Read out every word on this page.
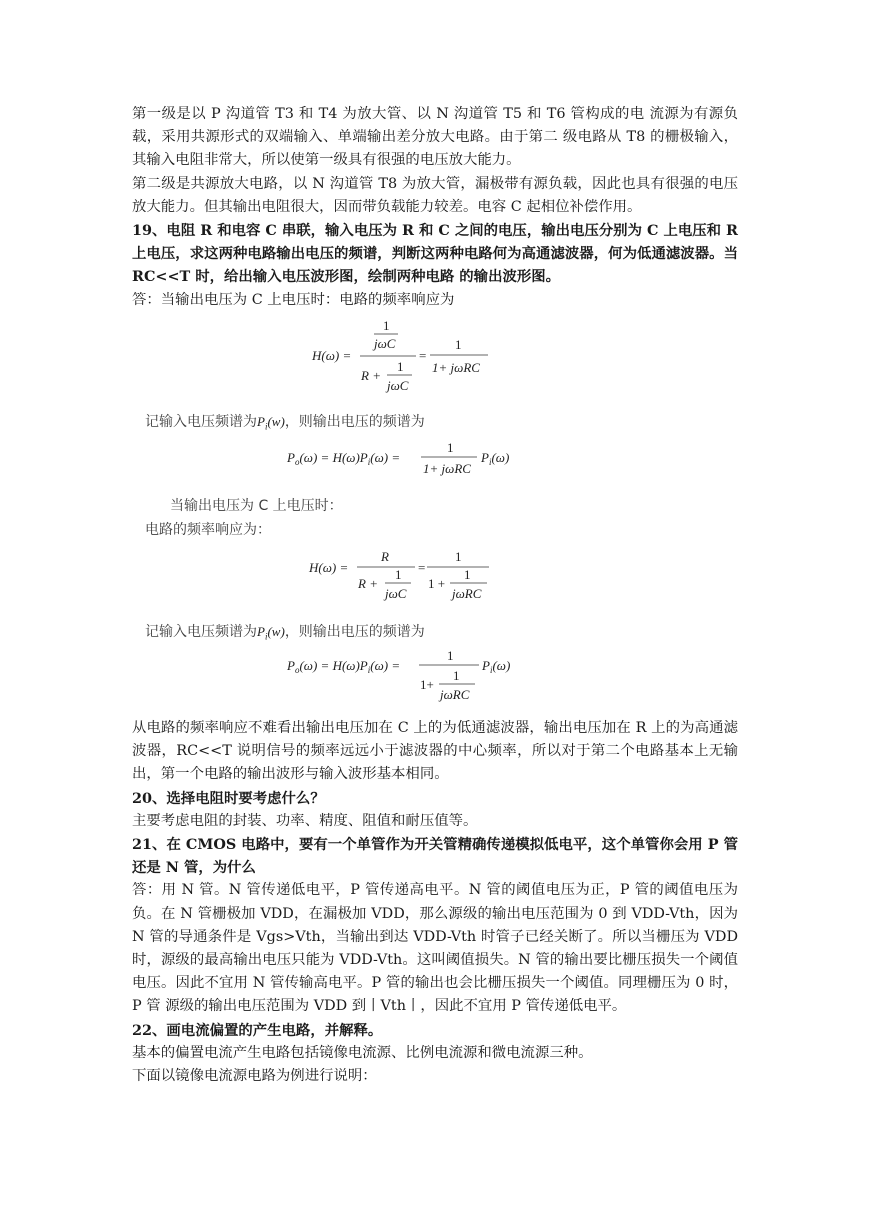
第一级是以 P 沟道管 T3 和 T4 为放大管、以 N 沟道管 T5 和 T6 管构成的电 流源为有源负载，采用共源形式的双端输入、单端输出差分放大电路。由于第二 级电路从 T8 的栅极输入，其输入电阻非常大，所以使第一级具有很强的电压放大能力。

第二级是共源放大电路，以 N 沟道管 T8 为放大管，漏极带有源负载，因此也具有很强的电压放大能力。但其输出电阻很大，因而带负载能力较差。电容 C 起相位补偿作用。

19、电阻 R 和电容 C 串联，输入电压为 R 和 C 之间的电压，输出电压分别为 C 上电压和 R 上电压，求这两种电路输出电压的频谱，判断这两种电路何为高通滤波器，何为低通滤波器。当 RC<<T 时，给出输入电压波形图，绘制两种电路 的输出波形图。

答：当输出电压为 C 上电压时：电路的频率响应为

H(ω) =
1
jωC
R +
1
jωC
=
1
1+ jωRC
记输入电压频谱为$P_i(w)$，则输出电压的频谱为
$P_o(\omega) = H(\omega)P_i(\omega)$ =
1
1+ jωRC
$P_i(\omega)$
当输出电压为 C 上电压时：
电路的频率响应为：
H(ω) =
R
R +
1
jωC
=
1
1 +
1
jωRC
记输入电压频谱为$P_i(w)$，则输出电压的频谱为
$P_o(\omega) = H(\omega)P_i(\omega)$ =
1
1+
1
jωRC
$P_i(\omega)$

从电路的频率响应不难看出输出电压加在 C 上的为低通滤波器，输出电压加在 R 上的为高通滤波器，RC<<T 说明信号的频率远远小于滤波器的中心频率，所以对于第二个电路基本上无输出，第一个电路的输出波形与输入波形基本相同。

20、选择电阻时要考虑什么？

主要考虑电阻的封装、功率、精度、阻值和耐压值等。

21、在 CMOS 电路中，要有一个单管作为开关管精确传递模拟低电平，这个单管你会用 P 管还是 N 管，为什么

答：用 N 管。N 管传递低电平，P 管传递高电平。N 管的阈值电压为正，P 管的阈值电压为负。在 N 管栅极加 VDD，在漏极加 VDD，那么源级的输出电压范围为 0 到 VDD-Vth，因为 N 管的导通条件是 Vgs>Vth，当输出到达 VDD-Vth 时管子已经关断了。所以当栅压为 VDD 时，源级的最高输出电压只能为 VDD-Vth。这叫阈值损失。N 管的输出要比栅压损失一个阈值电压。因此不宜用 N 管传输高电平。P 管的输出也会比栅压损失一个阈值。同理栅压为 0 时，P 管 源级的输出电压范围为 VDD 到丨Vth丨，因此不宜用 P 管传递低电平。

22、画电流偏置的产生电路，并解释。

基本的偏置电流产生电路包括镜像电流源、比例电流源和微电流源三种。

下面以镜像电流源电路为例进行说明：
